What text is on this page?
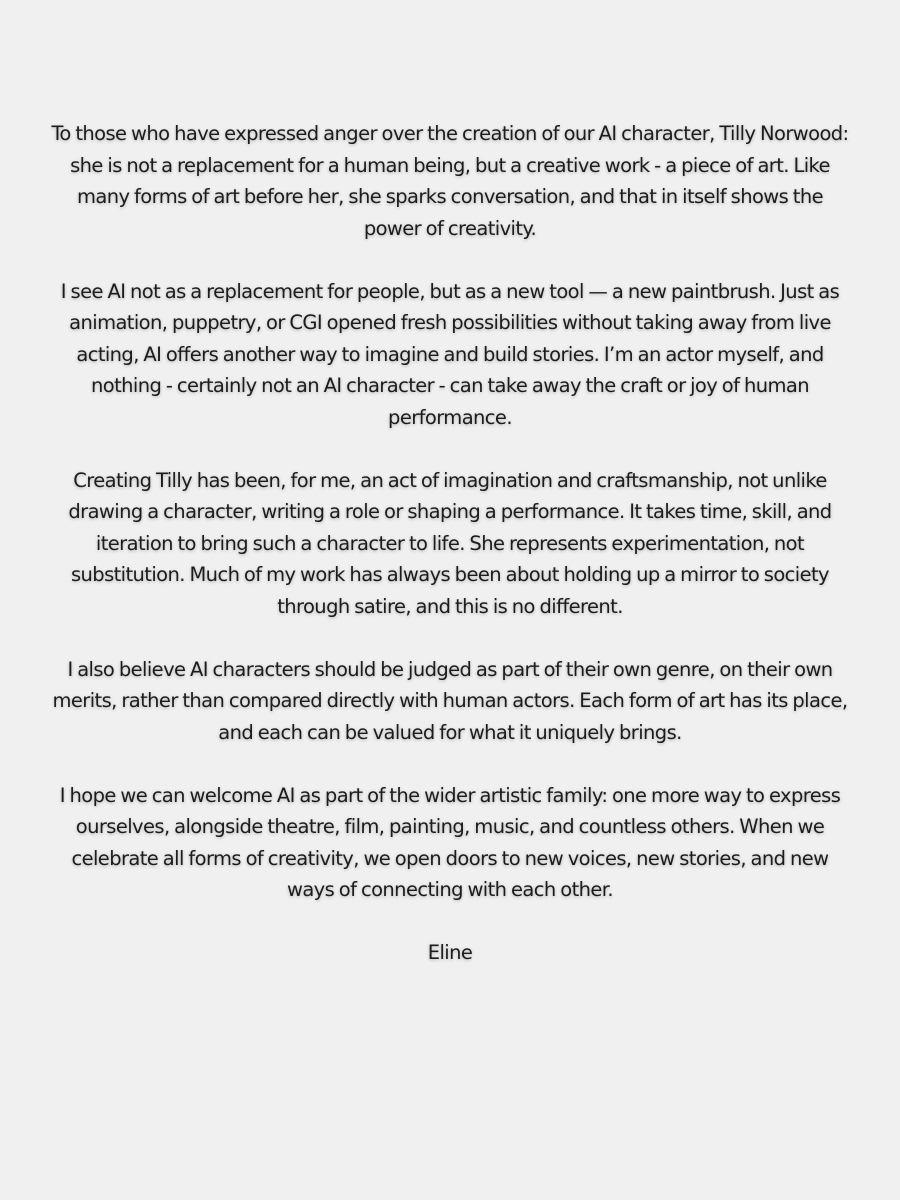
To those who have expressed anger over the creation of our AI character, Tilly Norwood: she is not a replacement for a human being, but a creative work - a piece of art. Like many forms of art before her, she sparks conversation, and that in itself shows the power of creativity.

I see AI not as a replacement for people, but as a new tool — a new paintbrush. Just as animation, puppetry, or CGI opened fresh possibilities without taking away from live acting, AI offers another way to imagine and build stories. I’m an actor myself, and nothing - certainly not an AI character - can take away the craft or joy of human performance.

Creating Tilly has been, for me, an act of imagination and craftsmanship, not unlike drawing a character, writing a role or shaping a performance. It takes time, skill, and iteration to bring such a character to life. She represents experimentation, not substitution. Much of my work has always been about holding up a mirror to society through satire, and this is no different.

I also believe AI characters should be judged as part of their own genre, on their own merits, rather than compared directly with human actors. Each form of art has its place, and each can be valued for what it uniquely brings.

I hope we can welcome AI as part of the wider artistic family: one more way to express ourselves, alongside theatre, film, painting, music, and countless others. When we celebrate all forms of creativity, we open doors to new voices, new stories, and new ways of connecting with each other.

Eline
